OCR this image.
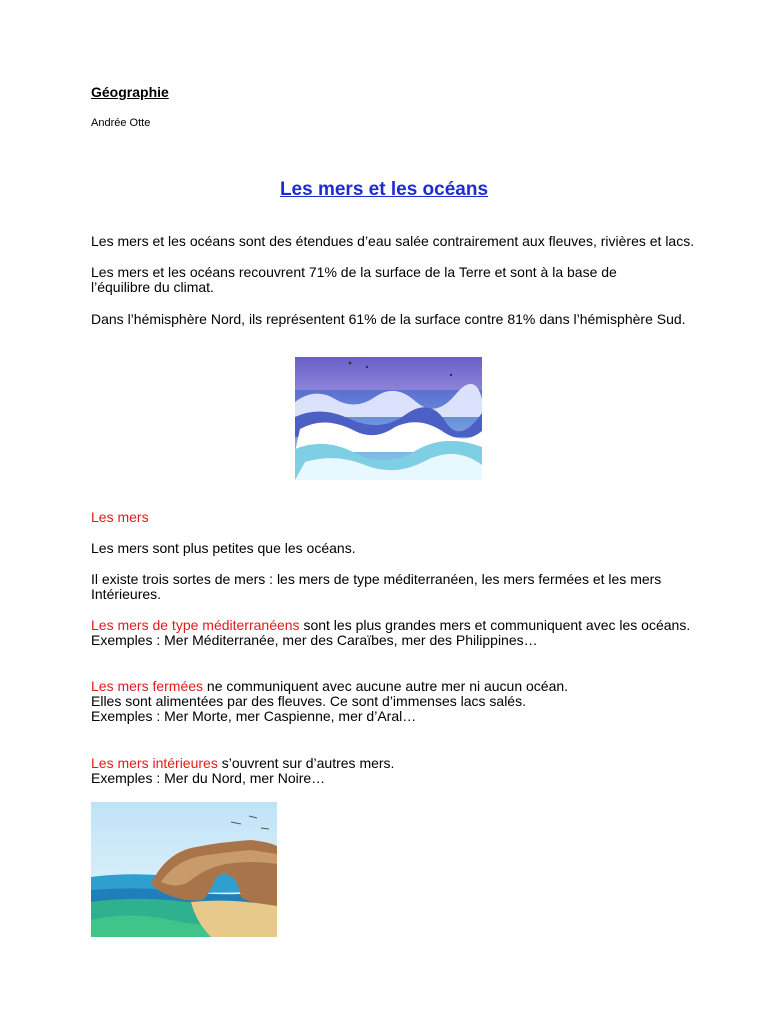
Géographie
Andrée Otte
Les mers et les océans
Les mers et les océans sont des étendues d’eau salée contrairement aux fleuves, rivières et lacs.
Les mers et les océans recouvrent 71% de la surface de la Terre et sont à la base de
l’équilibre du climat.
Dans l’hémisphère Nord, ils représentent 61% de la surface contre 81% dans l’hémisphère Sud.
Les mers
Les mers sont plus petites que les océans.
Il existe trois sortes de mers : les mers de type méditerranéen, les mers fermées et les mers
Intérieures.
Les mers de type méditerranéens sont les plus grandes mers et communiquent avec les océans.
Exemples : Mer Méditerranée, mer des Caraïbes, mer des Philippines…
Les mers fermées ne communiquent avec aucune autre mer ni aucun océan.
Elles sont alimentées par des fleuves. Ce sont d’immenses lacs salés.
Exemples : Mer Morte, mer Caspienne, mer d’Aral…
Les mers intérieures s’ouvrent sur d’autres mers.
Exemples : Mer du Nord, mer Noire…
